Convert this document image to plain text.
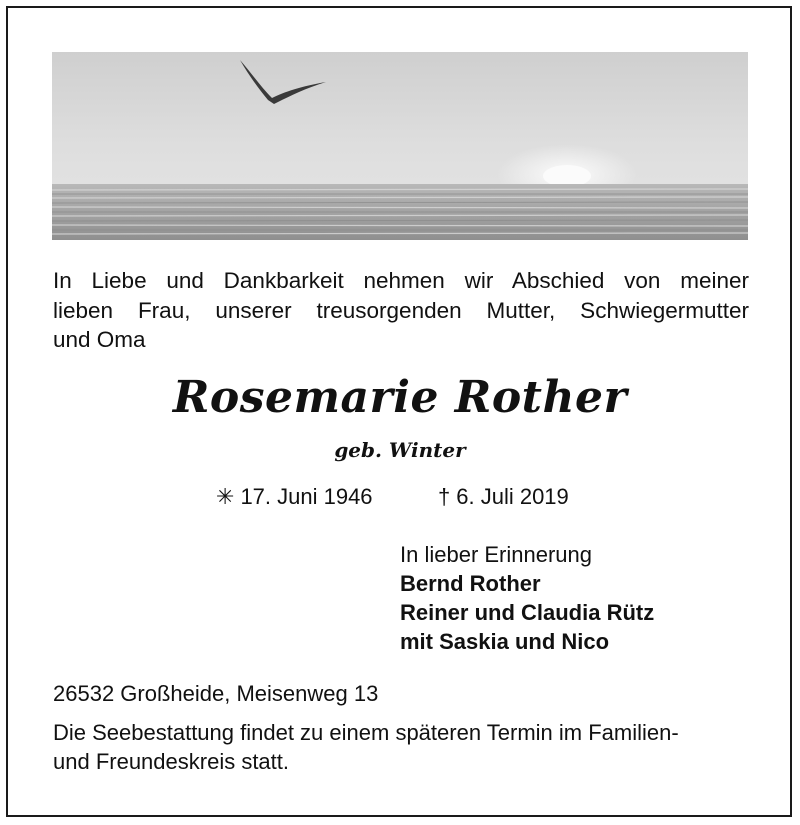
In Liebe und Dankbarkeit nehmen wir Abschied von meiner
lieben Frau, unserer treusorgenden Mutter, Schwiegermutter
und Oma
Rosemarie Rother
geb. Winter
✳ 17. Juni 1946	† 6. Juli 2019
In lieber Erinnerung
Bernd Rother
Reiner und Claudia Rütz
mit Saskia und Nico
26532 Großheide, Meisenweg 13
Die Seebestattung findet zu einem späteren Termin im Familien-
und Freundeskreis statt.
